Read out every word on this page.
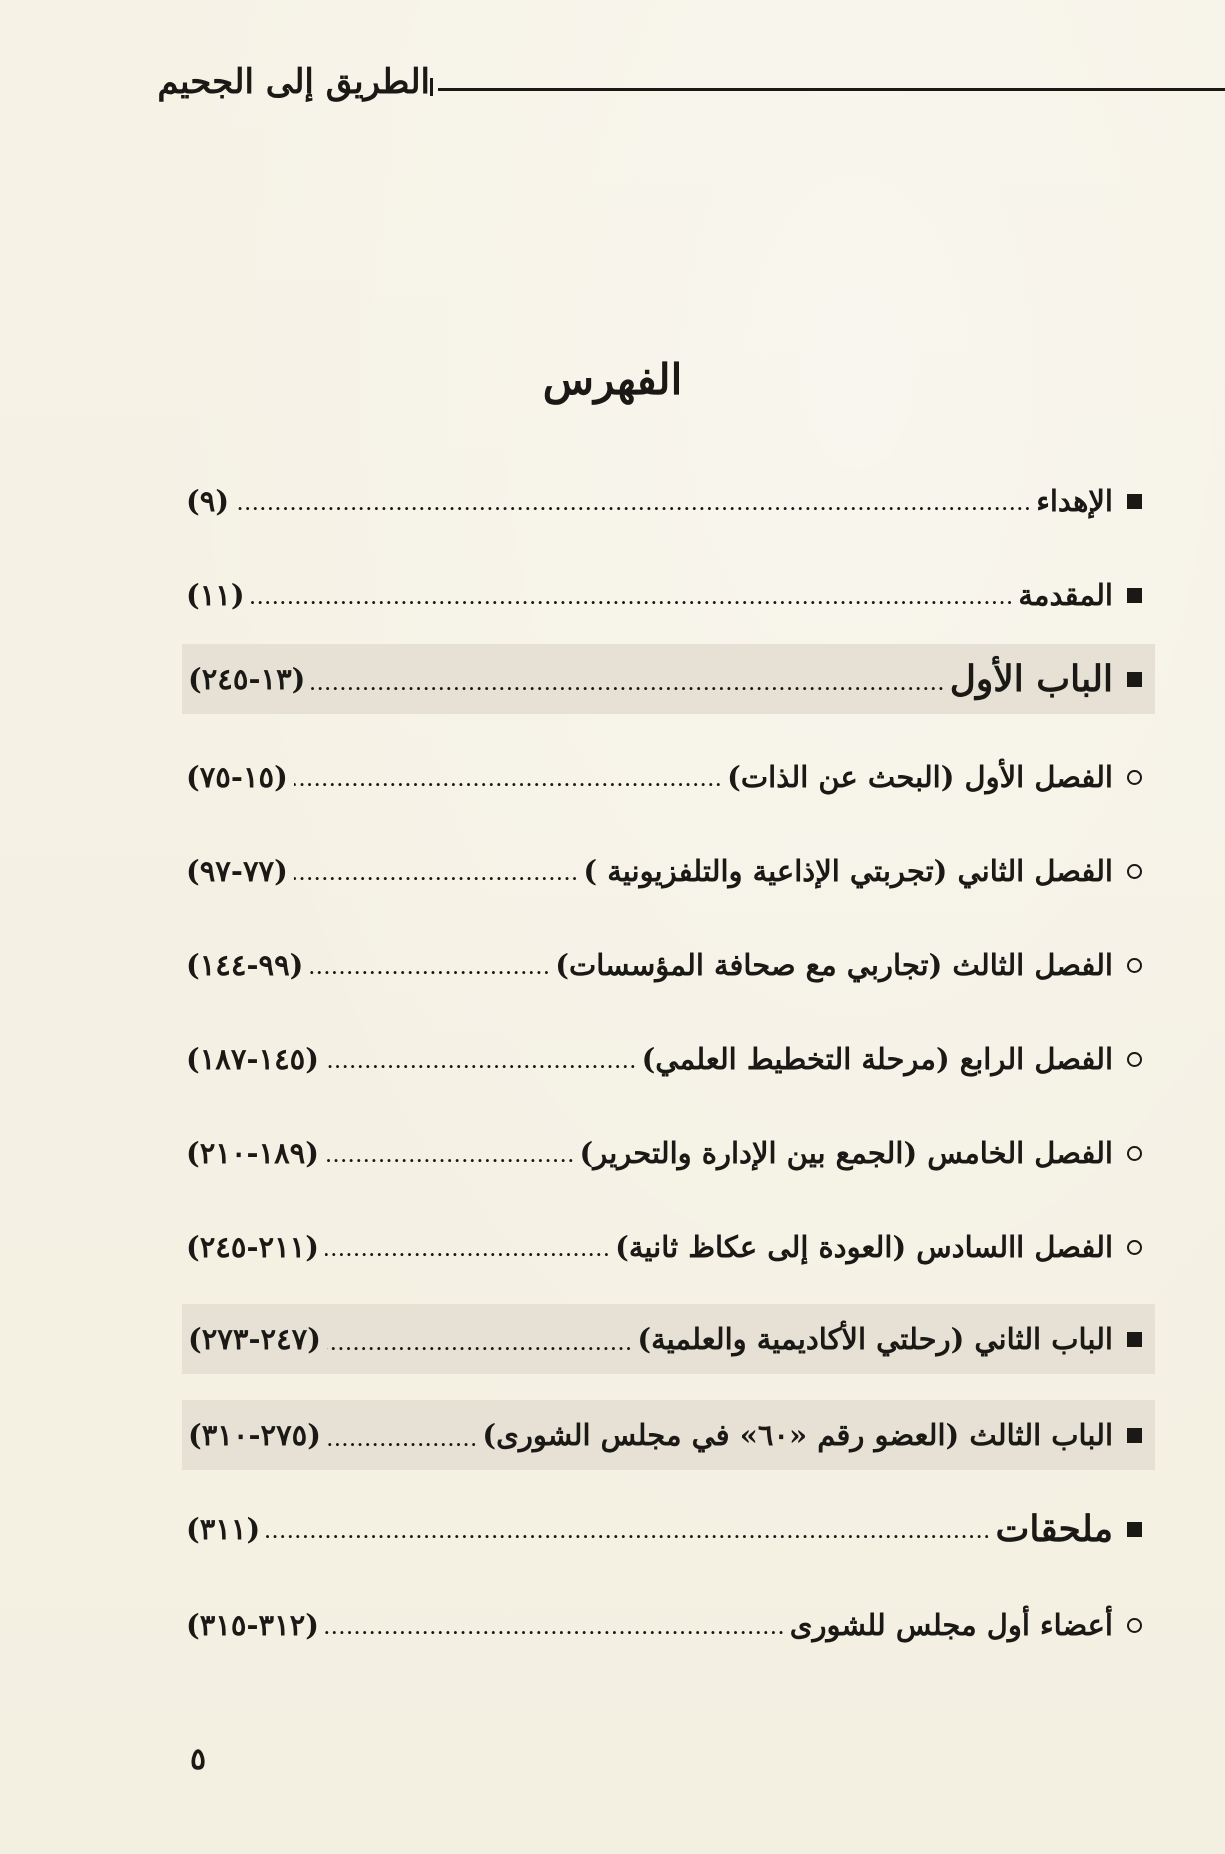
الطريق إلى الجحيم
الفهرس
الإهداء
.....
(٩)
المقدمة
.....
(١١)
الباب الأول
.....
(١٣-٢٤٥)
الفصل الأول (البحث عن الذات)
.....
(١٥-٧٥)
الفصل الثاني (تجربتي الإذاعية والتلفزيونية )
.....
(٧٧-٩٧)
الفصل الثالث (تجاربي مع صحافة المؤسسات)
.....
(٩٩-١٤٤)
الفصل الرابع (مرحلة التخطيط العلمي)
.....
(١٤٥-١٨٧)
الفصل الخامس (الجمع بين الإدارة والتحرير)
.....
(١٨٩-٢١٠)
الفصل االسادس (العودة إلى عكاظ ثانية)
.....
(٢١١-٢٤٥)
الباب الثاني (رحلتي الأكاديمية والعلمية)
.....
(٢٤٧-٢٧٣)
الباب الثالث (العضو رقم «٦٠» في مجلس الشورى)
.....
(٢٧٥-٣١٠)
ملحقات
.....
(٣١١)
أعضاء أول مجلس للشورى
.....
(٣١٢-٣١٥)
٥
